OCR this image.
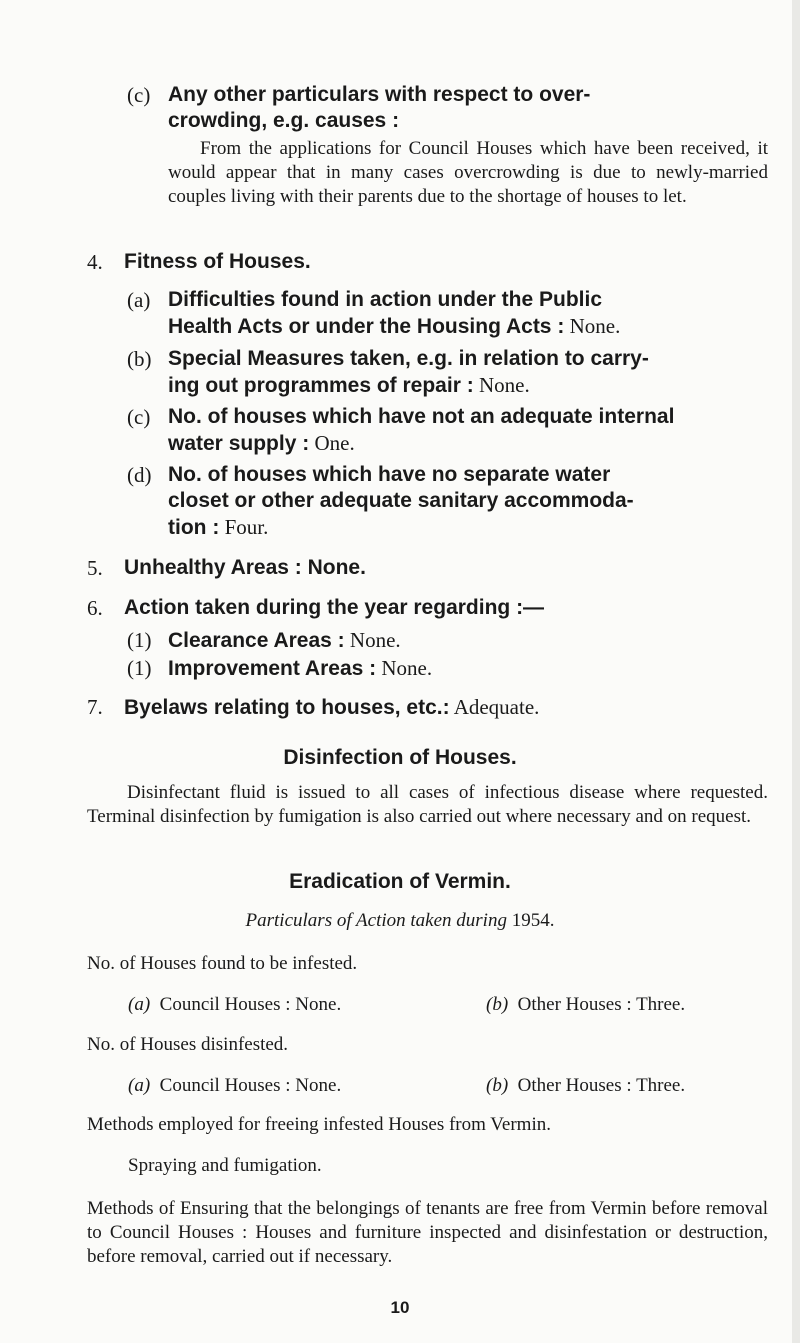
(c) Any other particulars with respect to over-
crowding, e.g. causes :
From the applications for Council Houses which have been received, it would appear that in many cases overcrowding is due to newly-married couples living with their parents due to the shortage of houses to let.
4. Fitness of Houses.
(a) Difficulties found in action under the Public
Health Acts or under the Housing Acts : None.
(b) Special Measures taken, e.g. in relation to carry-
ing out programmes of repair : None.
(c) No. of houses which have not an adequate internal
water supply : One.
(d) No. of houses which have no separate water
closet or other adequate sanitary accommoda-
tion : Four.
5. Unhealthy Areas : None.
6. Action taken during the year regarding :—
(1) Clearance Areas : None.
(1) Improvement Areas : None.
7. Byelaws relating to houses, etc.: Adequate.
Disinfection of Houses.
Disinfectant fluid is issued to all cases of infectious disease where requested. Terminal disinfection by fumigation is also carried out where necessary and on request.
Eradication of Vermin.
Particulars of Action taken during 1954.
No. of Houses found to be infested.
(a) Council Houses : None.	(b) Other Houses : Three.
No. of Houses disinfested.
(a) Council Houses : None.	(b) Other Houses : Three.
Methods employed for freeing infested Houses from Vermin.
Spraying and fumigation.
Methods of Ensuring that the belongings of tenants are free from Vermin before removal to Council Houses : Houses and furniture inspected and disinfestation or destruction, before removal, carried out if necessary.
10
